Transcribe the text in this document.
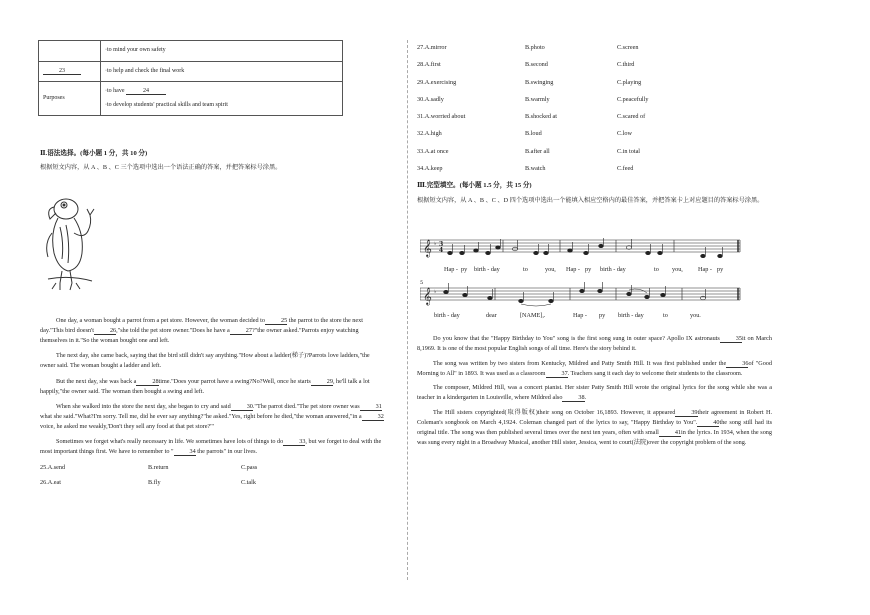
	·to mind your own safety

23	·to help and check the final work

Purposes	·to have 24
·to develop students' practical skills and team spirit
Ⅱ.语法选择。(每小题 1 分，共 10 分)
根据短文内容，从 A 、B 、C 三个选项中选出一个语法正确的答案，并把答案标号涂黑。

One day, a woman bought a parrot from a pet store. However, the woman decided to	25 the parrot to the store the next day."This bird doesn't	26,"she told the pet store owner."Does he have a	27?"the owner asked."Parrots enjoy watching themselves in it."So the woman bought one and left.

The next day, she came back, saying that the bird still didn't say anything."How about a ladder(梯子)?Parrots love ladders,"the owner said. The woman bought a ladder and left.

But the next day, she was back a	28time."Does your parrot have a swing?No?Well, once he starts	29, he'll talk a lot happily,"the owner said. The woman then bought a swing and left.

When she walked into the store the next day, she began to cry and said	30."The parrot died."The pet store owner was	31what she said."What?I'm sorry. Tell me, did he ever say anything?"he asked."Yes, right before he died,"the woman answered,"in a	32voice, he asked me weakly,'Don't they sell any food at that pet store?'"

Sometimes we forget what's really necessary in life. We sometimes have lots of things to do	33, but we forget to deal with the most important things first. We have to remember to "	34 the parrots" in our lives.

25.A.send	B.return	C.pass
26.A.eat	B.fly	C.talk
27.A.mirror	B.photo	C.screen
28.A.first	B.second	C.third
29.A.exercising	B.swinging	C.playing
30.A.sadly	B.warmly	C.peacefully
31.A.worried about	B.shocked at	C.scared of
32.A.high	B.loud	C.low
33.A.at once	B.after all	C.in total
34.A.keep	B.watch	C.feed
Ⅲ.完型填空。(每小题 1.5 分，共 15 分)
根据短文内容，从 A 、B 、C 、D 四个选项中选出一个能填入相应空格内的最佳答案，并把答案卡上对应题目的答案标号涂黑。
𝄞
𝄞
♭
♭
3
4
5
Hap - py birth - day	to	you, Hap - py birth - day	to you, Hap - py
birth - day	dear	[NAME],.	Hap - py birth - day	to	you.

Do you know that the "Happy Birthday to You" song is the first song sung in outer space? Apollo IX astronauts	35it on March 8,1969. It is one of the most popular English songs of all time. Here's the story behind it.

The song was written by two sisters from Kentucky, Mildred and Patty Smith Hill. It was first published under the	36of "Good Morning to All" in 1893. It was used as a classroom	37. Teachers sang it each day to welcome their students to the classroom.

The composer, Mildred Hill, was a concert pianist. Her sister Patty Smith Hill wrote the original lyrics for the song while she was a teacher in a kindergarten in Louisville, where Mildred also	38.

The Hill sisters copyrighted(取得版权)their song on October 16,1893. However, it appeared	39their agreement in Robert H. Coleman's songbook on March 4,1924. Coleman changed part of the lyrics to say, "Happy Birthday to You".	40the song still had its original title. The song was then published several times over the next ten years, often with small	41in the lyrics. In 1934, when the song was sung every night in a Broadway Musical, another Hill sister, Jessica, went to court(法院)over the copyright problem of the song.
